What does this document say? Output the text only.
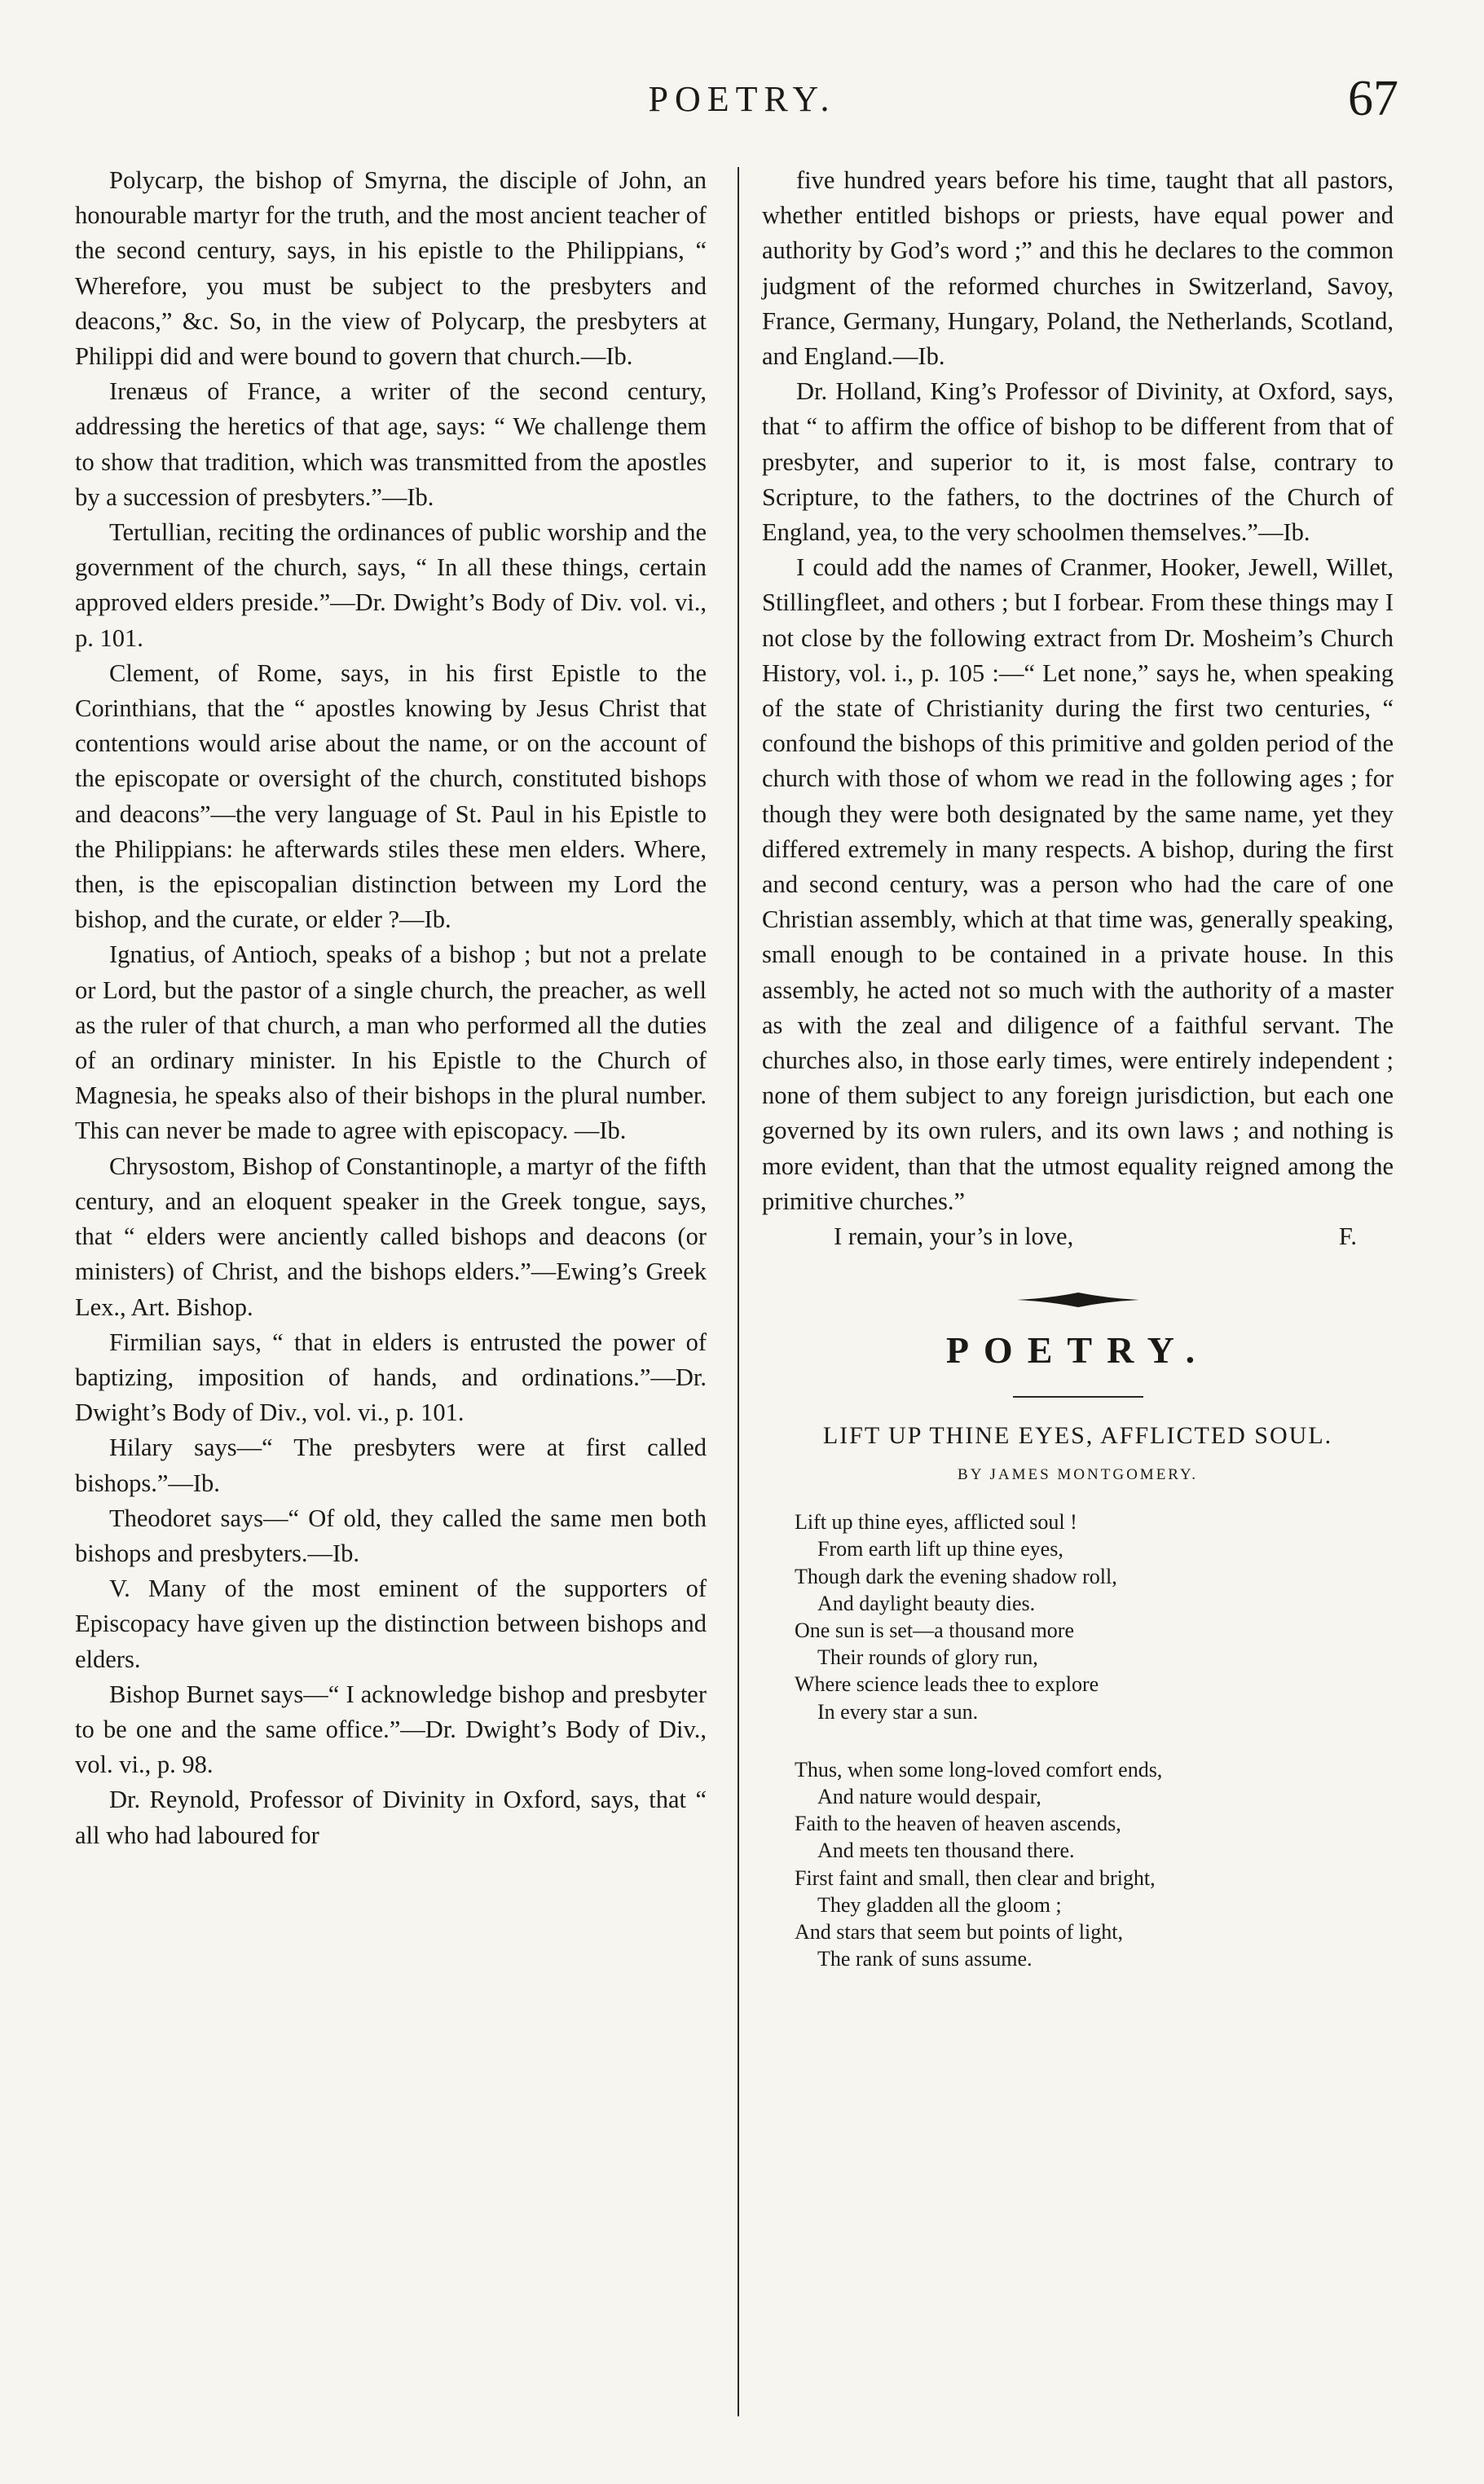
POETRY.	67

Polycarp, the bishop of Smyrna, the disciple of John, an honourable martyr for the truth, and the most ancient teacher of the second century, says, in his epistle to the Philippians, “ Wherefore, you must be subject to the presbyters and deacons,” &c. So, in the view of Polycarp, the presbyters at Philippi did and were bound to govern that church.—Ib.

Irenæus of France, a writer of the second century, addressing the heretics of that age, says: “ We challenge them to show that tradition, which was transmitted from the apostles by a succession of presbyters.”—Ib.

Tertullian, reciting the ordinances of public worship and the government of the church, says, “ In all these things, certain approved elders preside.”—Dr. Dwight’s Body of Div. vol. vi., p. 101.

Clement, of Rome, says, in his first Epistle to the Corinthians, that the “ apostles knowing by Jesus Christ that contentions would arise about the name, or on the account of the episcopate or oversight of the church, constituted bishops and deacons”—the very language of St. Paul in his Epistle to the Philippians: he afterwards stiles these men elders. Where, then, is the episcopalian distinction between my Lord the bishop, and the curate, or elder ?—Ib.

Ignatius, of Antioch, speaks of a bishop ; but not a prelate or Lord, but the pastor of a single church, the preacher, as well as the ruler of that church, a man who performed all the duties of an ordinary minister. In his Epistle to the Church of Magnesia, he speaks also of their bishops in the plural number. This can never be made to agree with episcopacy. —Ib.

Chrysostom, Bishop of Constantinople, a martyr of the fifth century, and an eloquent speaker in the Greek tongue, says, that “ elders were anciently called bishops and deacons (or ministers) of Christ, and the bishops elders.”—Ewing’s Greek Lex., Art. Bishop.

Firmilian says, “ that in elders is entrusted the power of baptizing, imposition of hands, and ordinations.”—Dr. Dwight’s Body of Div., vol. vi., p. 101.

Hilary says—“ The presbyters were at first called bishops.”—Ib.

Theodoret says—“ Of old, they called the same men both bishops and presbyters.—Ib.

V. Many of the most eminent of the supporters of Episcopacy have given up the distinction between bishops and elders.

Bishop Burnet says—“ I acknowledge bishop and presbyter to be one and the same office.”—Dr. Dwight’s Body of Div., vol. vi., p. 98.

Dr. Reynold, Professor of Divinity in Oxford, says, that “ all who had laboured for

five hundred years before his time, taught that all pastors, whether entitled bishops or priests, have equal power and authority by God’s word ;” and this he declares to the common judgment of the reformed churches in Switzerland, Savoy, France, Germany, Hungary, Poland, the Netherlands, Scotland, and England.—Ib.

Dr. Holland, King’s Professor of Divinity, at Oxford, says, that “ to affirm the office of bishop to be different from that of presbyter, and superior to it, is most false, contrary to Scripture, to the fathers, to the doctrines of the Church of England, yea, to the very schoolmen themselves.”—Ib.

I could add the names of Cranmer, Hooker, Jewell, Willet, Stillingfleet, and others ; but I forbear. From these things may I not close by the following extract from Dr. Mosheim’s Church History, vol. i., p. 105 :—“ Let none,” says he, when speaking of the state of Christianity during the first two centuries, “ confound the bishops of this primitive and golden period of the church with those of whom we read in the following ages ; for though they were both designated by the same name, yet they differed extremely in many respects. A bishop, during the first and second century, was a person who had the care of one Christian assembly, which at that time was, generally speaking, small enough to be contained in a private house. In this assembly, he acted not so much with the authority of a master as with the zeal and diligence of a faithful servant. The churches also, in those early times, were entirely independent ; none of them subject to any foreign jurisdiction, but each one governed by its own rulers, and its own laws ; and nothing is more evident, than that the utmost equality reigned among the primitive churches.”

I remain, your’s in love,	F.
POETRY.
LIFT UP THINE EYES, AFFLICTED SOUL.
BY JAMES MONTGOMERY.
Lift up thine eyes, afflicted soul !
From earth lift up thine eyes,
Though dark the evening shadow roll,
And daylight beauty dies.
One sun is set—a thousand more
Their rounds of glory run,
Where science leads thee to explore
In every star a sun.
Thus, when some long-loved comfort ends,
And nature would despair,
Faith to the heaven of heaven ascends,
And meets ten thousand there.
First faint and small, then clear and bright,
They gladden all the gloom ;
And stars that seem but points of light,
The rank of suns assume.
